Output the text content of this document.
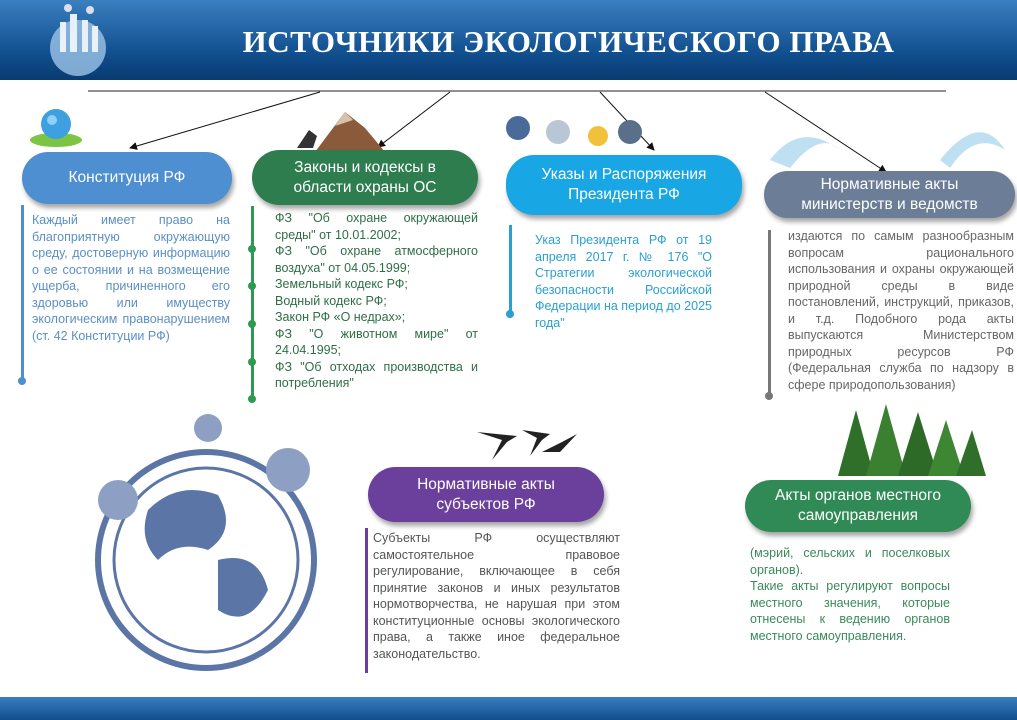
ИСТОЧНИКИ ЭКОЛОГИЧЕСКОГО ПРАВА
Конституция РФ
Каждый имеет право на благоприятную окружающую среду, достоверную информацию о ее состоянии и на возмещение ущерба, причиненного его здоровью или имуществу экологическим правонарушением (ст. 42 Конституции РФ)
Законы и кодексы в области охраны ОС
ФЗ "Об охране окружающей среды" от 10.01.2002;
ФЗ "Об охране атмосферного воздуха" от 04.05.1999;
Земельный кодекс РФ;
Водный кодекс РФ;
Закон РФ «О недрах»;
ФЗ "О животном мире" от 24.04.1995;
ФЗ "Об отходах производства и потребления"
Указы и Распоряжения Президента РФ
Указ Президента РФ от 19 апреля 2017 г. № 176 "О Стратегии экологической безопасности Российской Федерации на период до 2025 года"
Нормативные акты министерств и ведомств
издаются по самым разнообразным вопросам рационального использования и охраны окружающей природной среды в виде постановлений, инструкций, приказов, и т.д. Подобного рода акты выпускаются Министерством природных ресурсов РФ (Федеральная служба по надзору в сфере природопользования)
Нормативные акты субъектов РФ
Субъекты РФ осуществляют самостоятельное правовое регулирование, включающее в себя принятие законов и иных результатов нормотворчества, не нарушая при этом конституционные основы экологического права, а также иное федеральное законодательство.
Акты органов местного самоуправления
(мэрий, сельских и поселковых органов).
Такие акты регулируют вопросы местного значения, которые отнесены к ведению органов местного самоуправления.
